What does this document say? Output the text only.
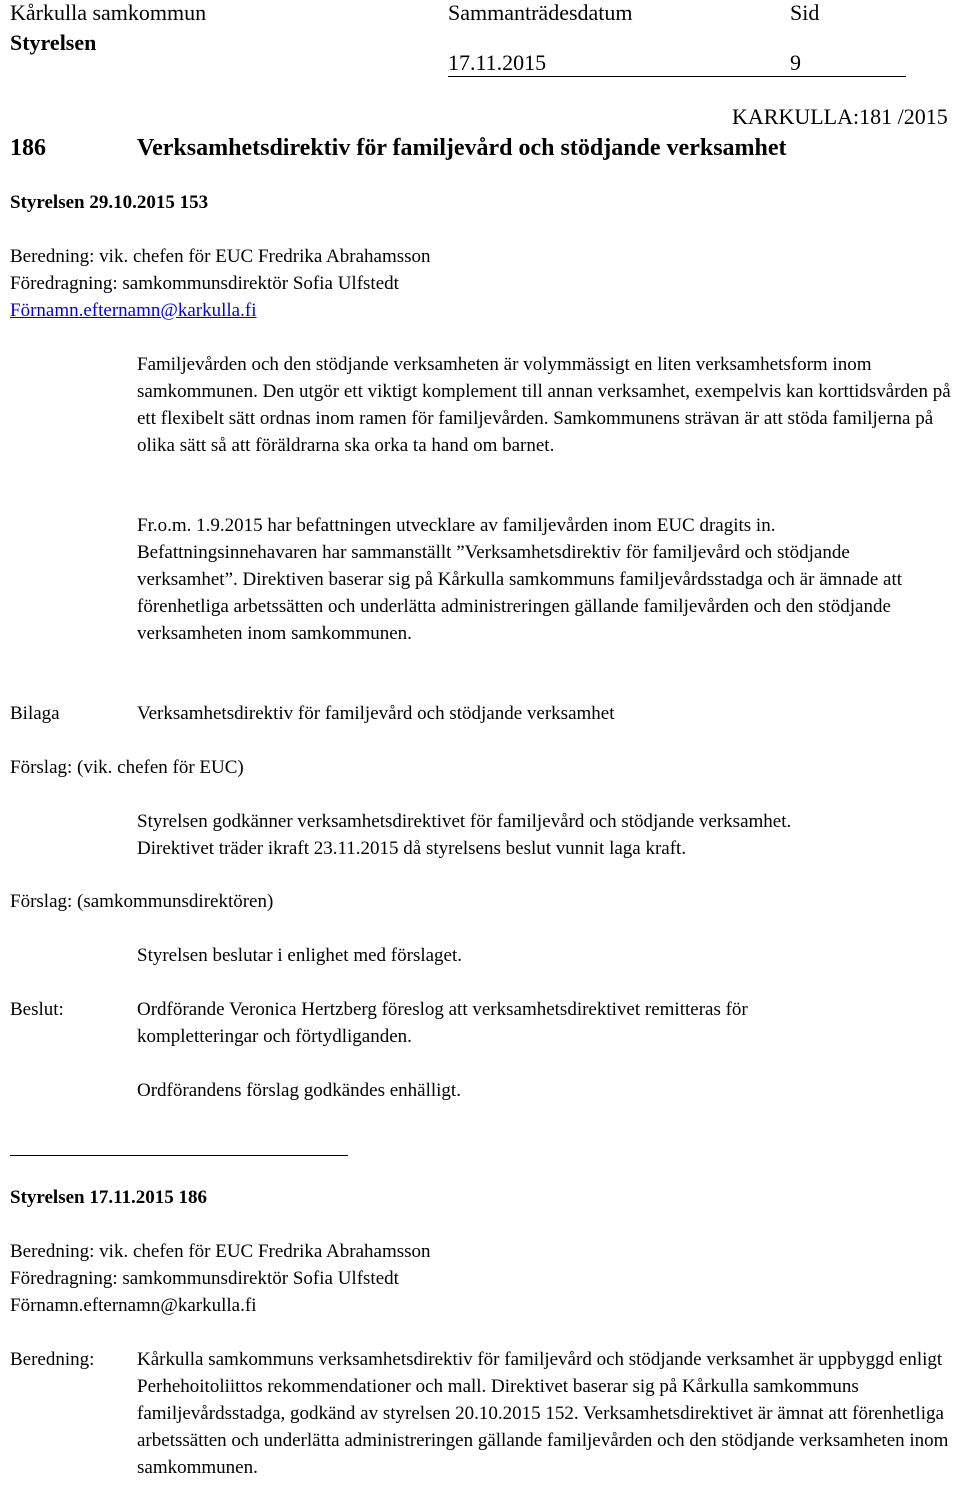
Kårkulla samkommun	Sammanträdesdatum	Sid
Styrelsen
17.11.2015	9
KARKULLA:181 /2015
186	Verksamhetsdirektiv för familjevård och stödjande verksamhet
Styrelsen 29.10.2015 153
Beredning: vik. chefen för EUC Fredrika Abrahamsson
Föredragning: samkommunsdirektör Sofia Ulfstedt
Förnamn.efternamn@karkulla.fi
Familjevården och den stödjande verksamheten är volymmässigt en liten verksamhetsform inom samkommunen. Den utgör ett viktigt komplement till annan verksamhet, exempelvis kan korttidsvården på ett flexibelt sätt ordnas inom ramen för familjevården. Samkommunens strävan är att stöda familjerna på olika sätt så att föräldrarna ska orka ta hand om barnet.
Fr.o.m. 1.9.2015 har befattningen utvecklare av familjevården inom EUC dragits in. Befattningsinnehavaren har sammanställt ”Verksamhetsdirektiv för familjevård och stödjande verksamhet”. Direktiven baserar sig på Kårkulla samkommuns familjevårdsstadga och är ämnade att förenhetliga arbetssätten och underlätta administreringen gällande familjevården och den stödjande verksamheten inom samkommunen.
Bilaga	Verksamhetsdirektiv för familjevård och stödjande verksamhet
Förslag: (vik. chefen för EUC)
Styrelsen godkänner verksamhetsdirektivet för familjevård och stödjande verksamhet.
Direktivet träder ikraft 23.11.2015 då styrelsens beslut vunnit laga kraft.
Förslag: (samkommunsdirektören)
Styrelsen beslutar i enlighet med förslaget.
Beslut:	Ordförande Veronica Hertzberg föreslog att verksamhetsdirektivet remitteras för
kompletteringar och förtydliganden.
Ordförandens förslag godkändes enhälligt.
Styrelsen 17.11.2015 186
Beredning: vik. chefen för EUC Fredrika Abrahamsson
Föredragning: samkommunsdirektör Sofia Ulfstedt
Förnamn.efternamn@karkulla.fi
Beredning: Kårkulla samkommuns verksamhetsdirektiv för familjevård och stödjande verksamhet är uppbyggd enligt Perhehoitoliittos rekommendationer och mall. Direktivet baserar sig på Kårkulla samkommuns familjevårdsstadga, godkänd av styrelsen 20.10.2015 152. Verksamhetsdirektivet är ämnat att förenhetliga arbetssätten och underlätta administreringen gällande familjevården och den stödjande verksamheten inom samkommunen.
